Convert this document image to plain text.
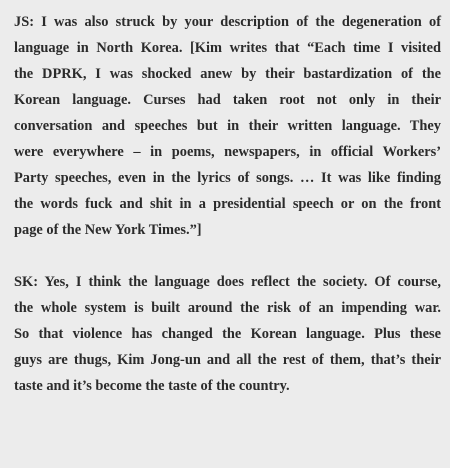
JS: I was also struck by your description of the degeneration of
language in North Korea. [Kim writes that “Each time I visited
the DPRK, I was shocked anew by their bastardization of the
Korean language. Curses had taken root not only in their
conversation and speeches but in their written language. They
were everywhere – in poems, newspapers, in official Workers’
Party speeches, even in the lyrics of songs. … It was like finding
the words fuck and shit in a presidential speech or on the front
page of the New York Times.”]
SK: Yes, I think the language does reflect the society. Of course,
the whole system is built around the risk of an impending war.
So that violence has changed the Korean language. Plus these
guys are thugs, Kim Jong-un and all the rest of them, that’s their
taste and it’s become the taste of the country.
